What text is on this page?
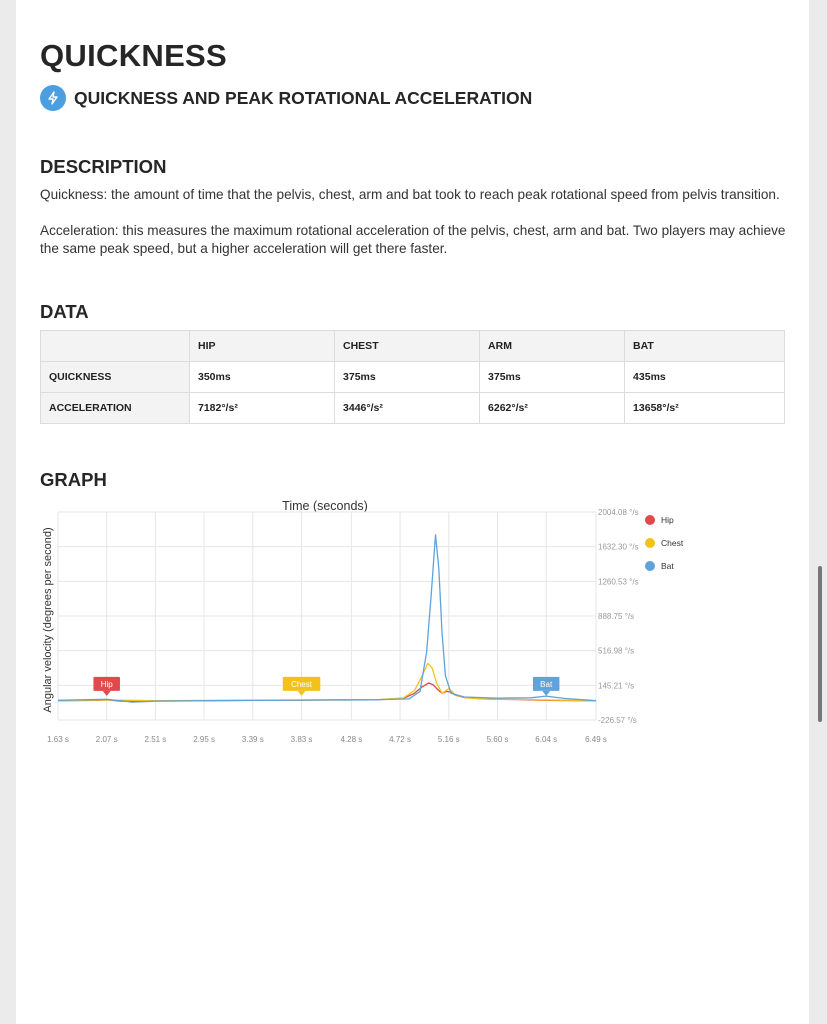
QUICKNESS
QUICKNESS AND PEAK ROTATIONAL ACCELERATION
DESCRIPTION

Quickness: the amount of time that the pelvis, chest, arm and bat took to reach peak rotational speed from pelvis transition.

Acceleration: this measures the maximum rotational acceleration of the pelvis, chest, arm and bat. Two players may achieve the same peak speed, but a higher acceleration will get there faster.

DATA
	HIP	CHEST	ARM	BAT
QUICKNESS	350ms	375ms	375ms	435ms
ACCELERATION	7182°/s²	3446°/s²	6262°/s²	13658°/s²
GRAPH
Time (seconds)
Angular velocity (degrees per second)	Hip	Chest	Bat
1.63 s	2.07 s	2.51 s	2.95 s	3.39 s	3.83 s	4.28 s	4.72 s	5.16 s	5.60 s	6.04 s	6.49 s
2004.08 °/s
1632.30 °/s
1260.53 °/s
888.75 °/s
516.98 °/s
145.21 °/s
-226.57 °/s
Hip
Chest
Bat
